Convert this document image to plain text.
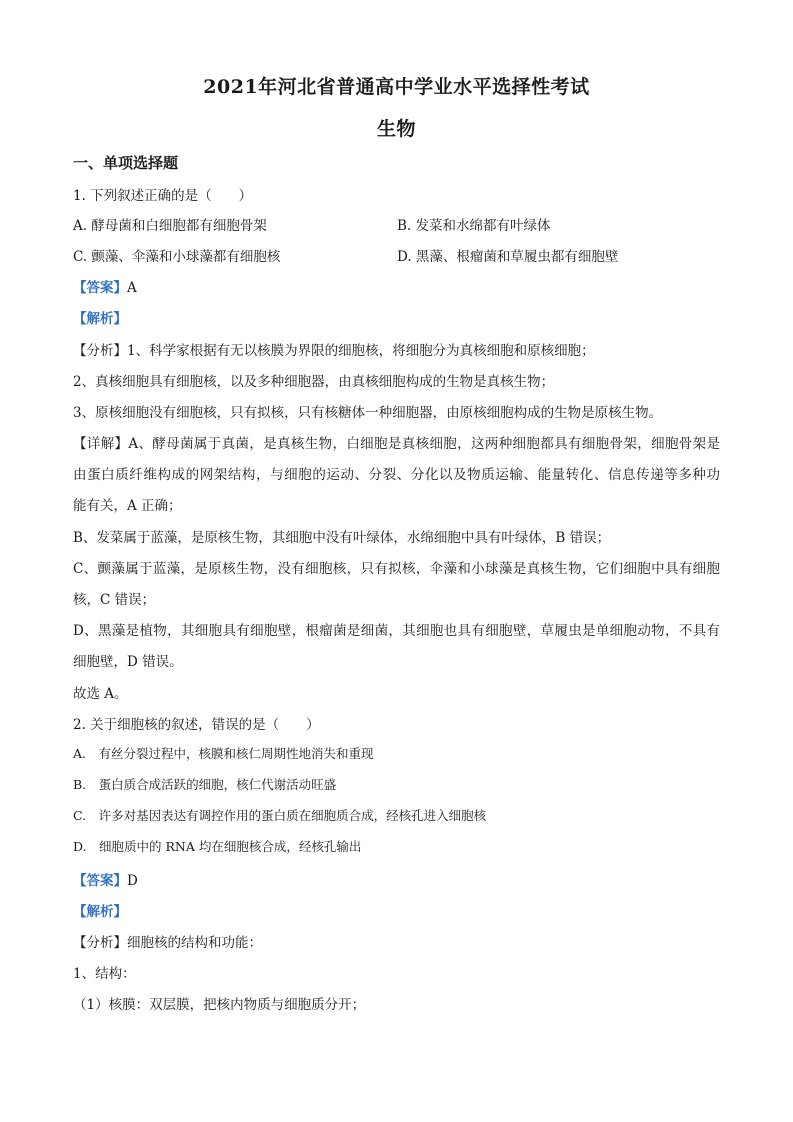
2021年河北省普通高中学业水平选择性考试
生物
一、单项选择题
1. 下列叙述正确的是（　　）
A. 酵母菌和白细胞都有细胞骨架	B. 发菜和水绵都有叶绿体
C. 颤藻、伞藻和小球藻都有细胞核	D. 黑藻、根瘤菌和草履虫都有细胞壁
【答案】A
【解析】
【分析】1、科学家根据有无以核膜为界限的细胞核，将细胞分为真核细胞和原核细胞；
2、真核细胞具有细胞核，以及多种细胞器，由真核细胞构成的生物是真核生物；
3、原核细胞没有细胞核，只有拟核，只有核糖体一种细胞器，由原核细胞构成的生物是原核生物。
【详解】A、酵母菌属于真菌，是真核生物，白细胞是真核细胞，这两种细胞都具有细胞骨架，细胞骨架是
由蛋白质纤维构成的网架结构，与细胞的运动、分裂、分化以及物质运输、能量转化、信息传递等多种功
能有关，A 正确；
B、发菜属于蓝藻，是原核生物，其细胞中没有叶绿体，水绵细胞中具有叶绿体，B 错误；
C、颤藻属于蓝藻，是原核生物，没有细胞核，只有拟核，伞藻和小球藻是真核生物，它们细胞中具有细胞
核，C 错误；
D、黑藻是植物，其细胞具有细胞壁，根瘤菌是细菌，其细胞也具有细胞壁，草履虫是单细胞动物，不具有
细胞壁，D 错误。
故选 A。
2. 关于细胞核的叙述，错误的是（　　）
A.　有丝分裂过程中，核膜和核仁周期性地消失和重现
B.　蛋白质合成活跃的细胞，核仁代谢活动旺盛
C.　许多对基因表达有调控作用的蛋白质在细胞质合成，经核孔进入细胞核
D.　细胞质中的 RNA 均在细胞核合成，经核孔输出
【答案】D
【解析】
【分析】细胞核的结构和功能：
1、结构：
（1）核膜：双层膜，把核内物质与细胞质分开；
